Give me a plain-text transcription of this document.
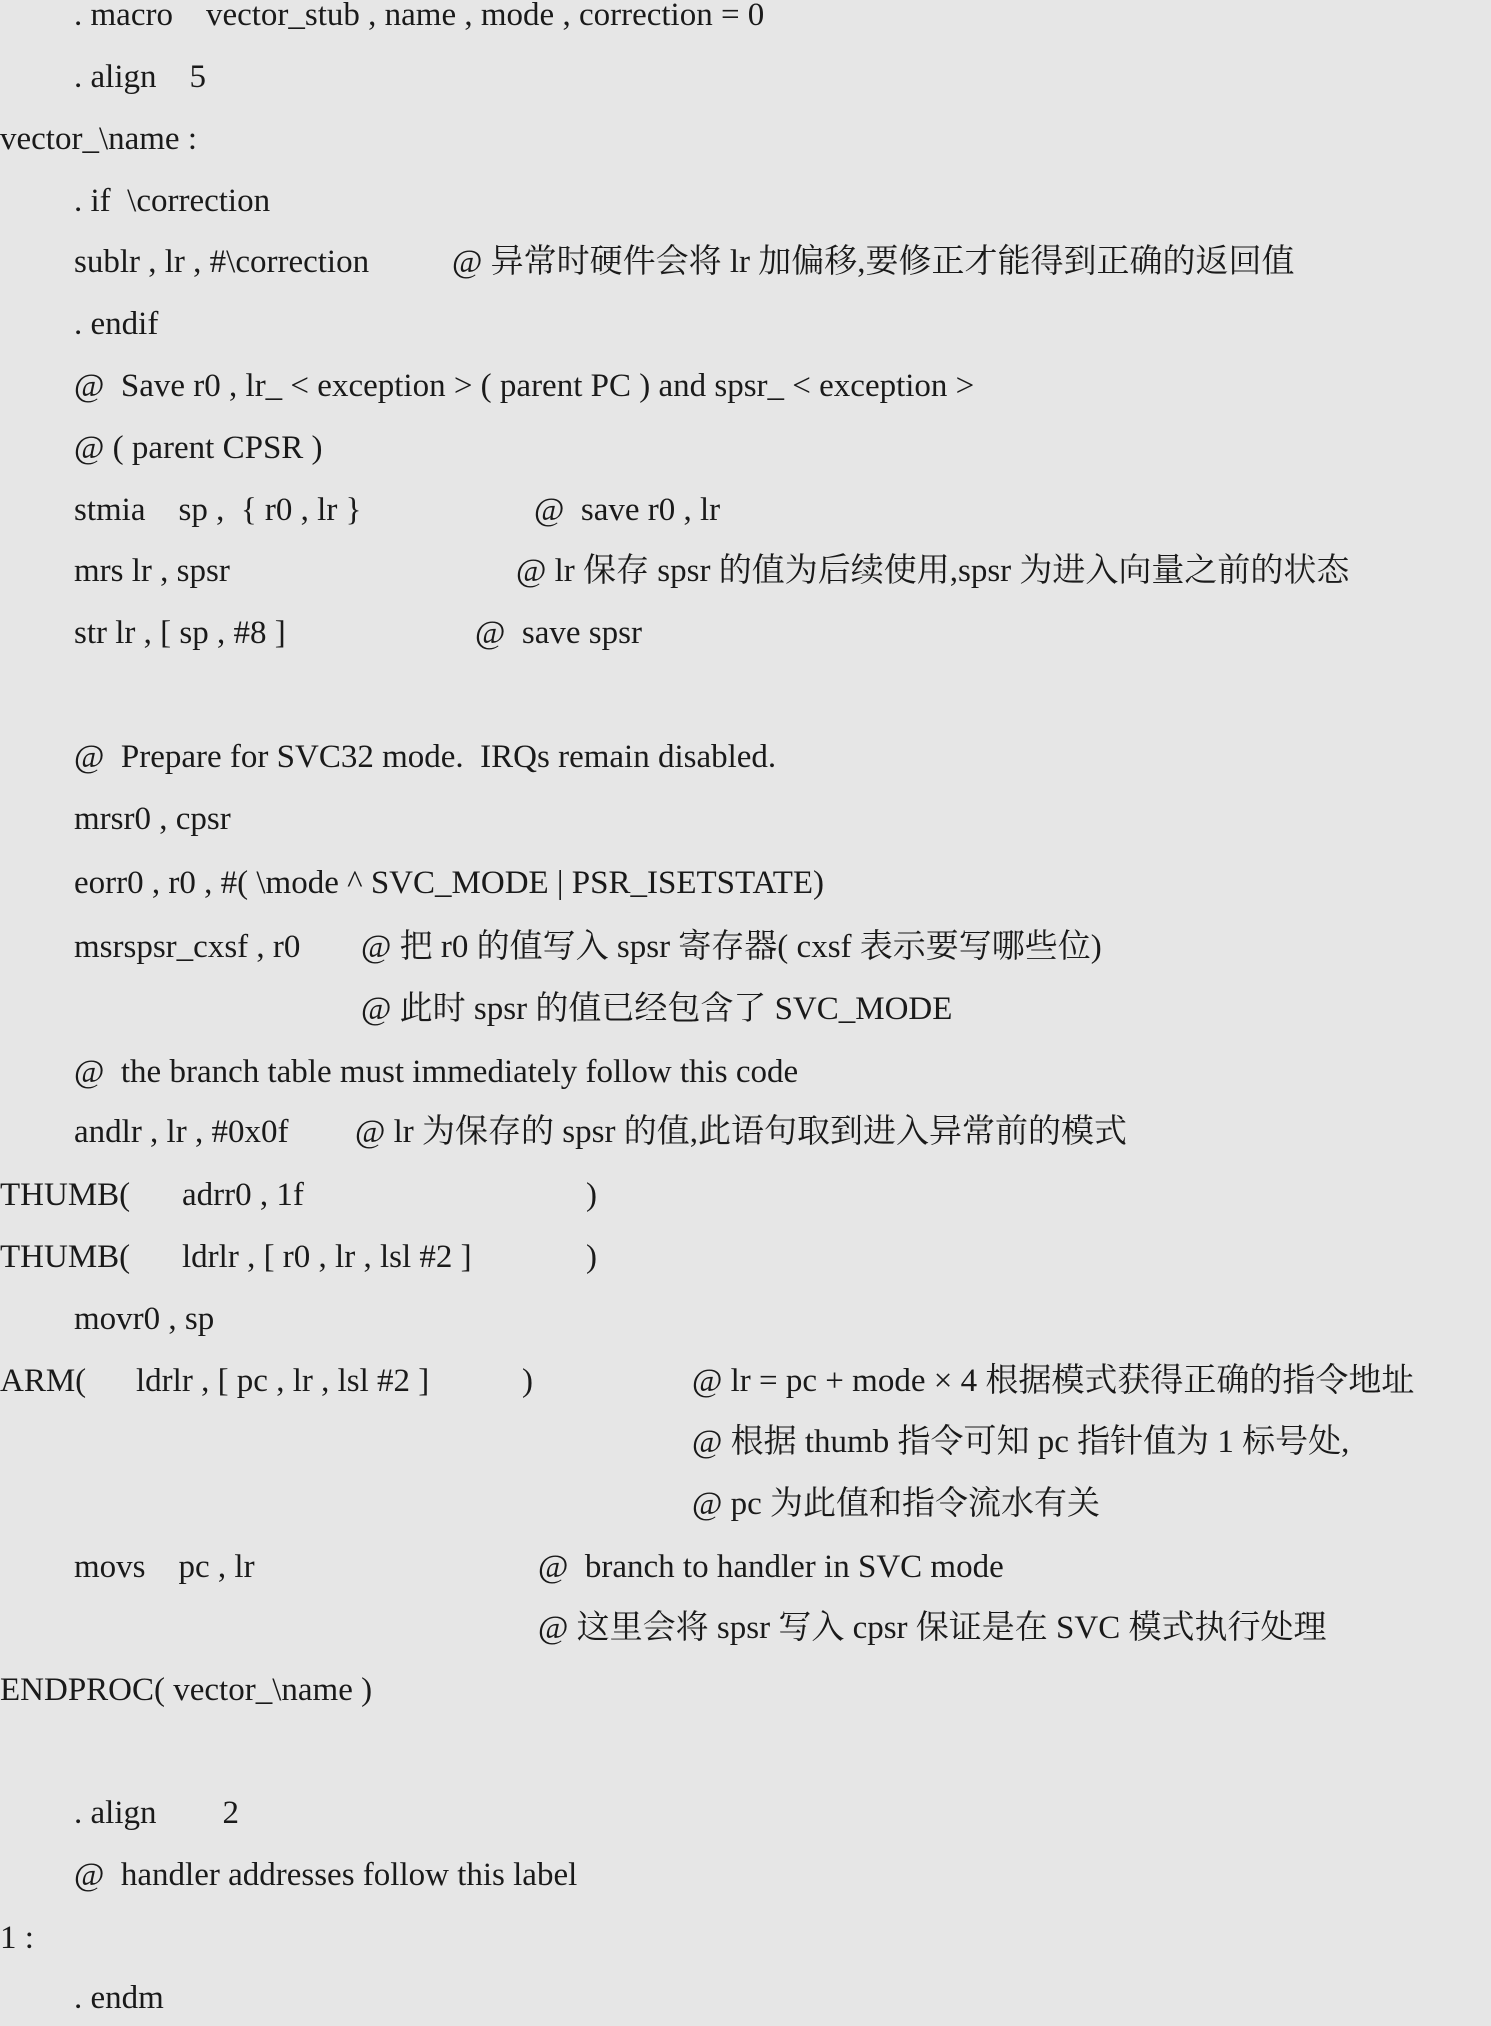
. macro    vector_stub , name , mode , correction = 0
. align    5
vector_\name :
. if  \correction
sublr , lr , #\correction	@ 异常时硬件会将 lr 加偏移,要修正才能得到正确的返回值
. endif
@  Save r0 , lr_ < exception > ( parent PC ) and spsr_ < exception >
@ ( parent CPSR )
stmia    sp ,  { r0 , lr }	@  save r0 , lr
mrs lr , spsr	@ lr 保存 spsr 的值为后续使用,spsr 为进入向量之前的状态
str lr , [ sp , #8 ]	@  save spsr
@  Prepare for SVC32 mode.  IRQs remain disabled.
mrsr0 , cpsr
eorr0 , r0 , #( \mode ^ SVC_MODE | PSR_ISETSTATE)
msrspsr_cxsf , r0 @ 把 r0 的值写入 spsr 寄存器( cxsf 表示要写哪些位)
@ 此时 spsr 的值已经包含了 SVC_MODE
@  the branch table must immediately follow this code
andlr , lr , #0x0f @ lr 为保存的 spsr 的值,此语句取到进入异常前的模式
THUMB( adrr0 , 1f	)
THUMB( ldrlr , [ r0 , lr , lsl #2 ]	)
movr0 , sp
ARM( ldrlr , [ pc , lr , lsl #2 ]	)	@ lr = pc + mode × 4 根据模式获得正确的指令地址
@ 根据 thumb 指令可知 pc 指针值为 1 标号处,
@ pc 为此值和指令流水有关
movs    pc , lr	@  branch to handler in SVC mode
@ 这里会将 spsr 写入 cpsr 保证是在 SVC 模式执行处理
ENDPROC( vector_\name )
. align        2
@  handler addresses follow this label
1 :
. endm
